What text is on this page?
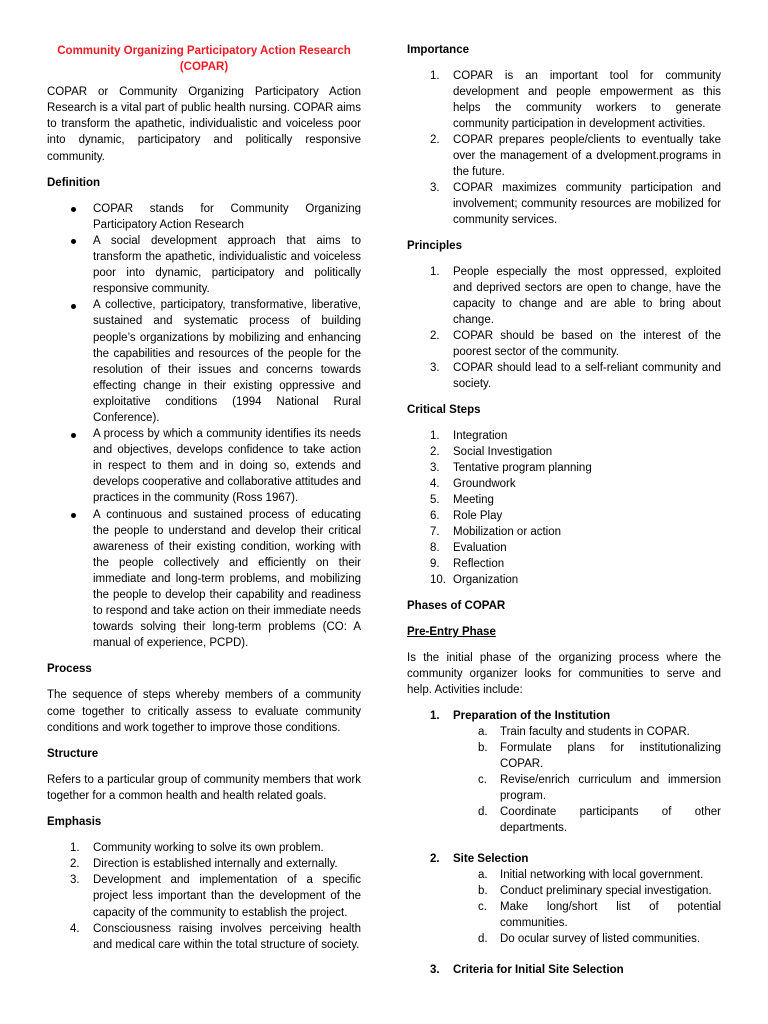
Community Organizing Participatory Action Research (COPAR)

COPAR or Community Organizing Participatory Action Research is a vital part of public health nursing. COPAR aims to transform the apathetic, individualistic and voiceless poor into dynamic, participatory and politically responsive community.

Definition
COPAR stands for Community Organizing Participatory Action Research
A social development approach that aims to transform the apathetic, individualistic and voiceless poor into dynamic, participatory and politically responsive community.
A collective, participatory, transformative, liberative, sustained and systematic process of building people’s organizations by mobilizing and enhancing the capabilities and resources of the people for the resolution of their issues and concerns towards effecting change in their existing oppressive and exploitative conditions (1994 National Rural Conference).
A process by which a community identifies its needs and objectives, develops confidence to take action in respect to them and in doing so, extends and develops cooperative and collaborative attitudes and practices in the community (Ross 1967).
A continuous and sustained process of educating the people to understand and develop their critical awareness of their existing condition, working with the people collectively and efficiently on their immediate and long-term problems, and mobilizing the people to develop their capability and readiness to respond and take action on their immediate needs towards solving their long-term problems (CO: A manual of experience, PCPD).
Process

The sequence of steps whereby members of a community come together to critically assess to evaluate community conditions and work together to improve those conditions.

Structure

Refers to a particular group of community members that work together for a common health and health related goals.

Emphasis
1. Community working to solve its own problem.
2. Direction is established internally and externally.
3. Development and implementation of a specific project less important than the development of the capacity of the community to establish the project.
4. Consciousness raising involves perceiving health and medical care within the total structure of society.
Importance
1. COPAR is an important tool for community development and people empowerment as this helps the community workers to generate community participation in development activities.
2. COPAR prepares people/clients to eventually take over the management of a dvelopment.programs in the future.
3. COPAR maximizes community participation and involvement; community resources are mobilized for community services.
Principles
1. People especially the most oppressed, exploited and deprived sectors are open to change, have the capacity to change and are able to bring about change.
2. COPAR should be based on the interest of the poorest sector of the community.
3. COPAR should lead to a self-reliant community and society.
Critical Steps
1. Integration
2. Social Investigation
3. Tentative program planning
4. Groundwork
5. Meeting
6. Role Play
7. Mobilization or action
8. Evaluation
9. Reflection
10. Organization
Phases of COPAR
Pre-Entry Phase

Is the initial phase of the organizing process where the community organizer looks for communities to serve and help. Activities include:

1. Preparation of the Institution
a. Train faculty and students in COPAR.
b. Formulate plans for institutionalizing COPAR.
c. Revise/enrich curriculum and immersion program.
d. Coordinate participants of other departments.
2. Site Selection
a. Initial networking with local government.
b. Conduct preliminary special investigation.
c. Make long/short list of potential communities.
d. Do ocular survey of listed communities.
3. Criteria for Initial Site Selection
